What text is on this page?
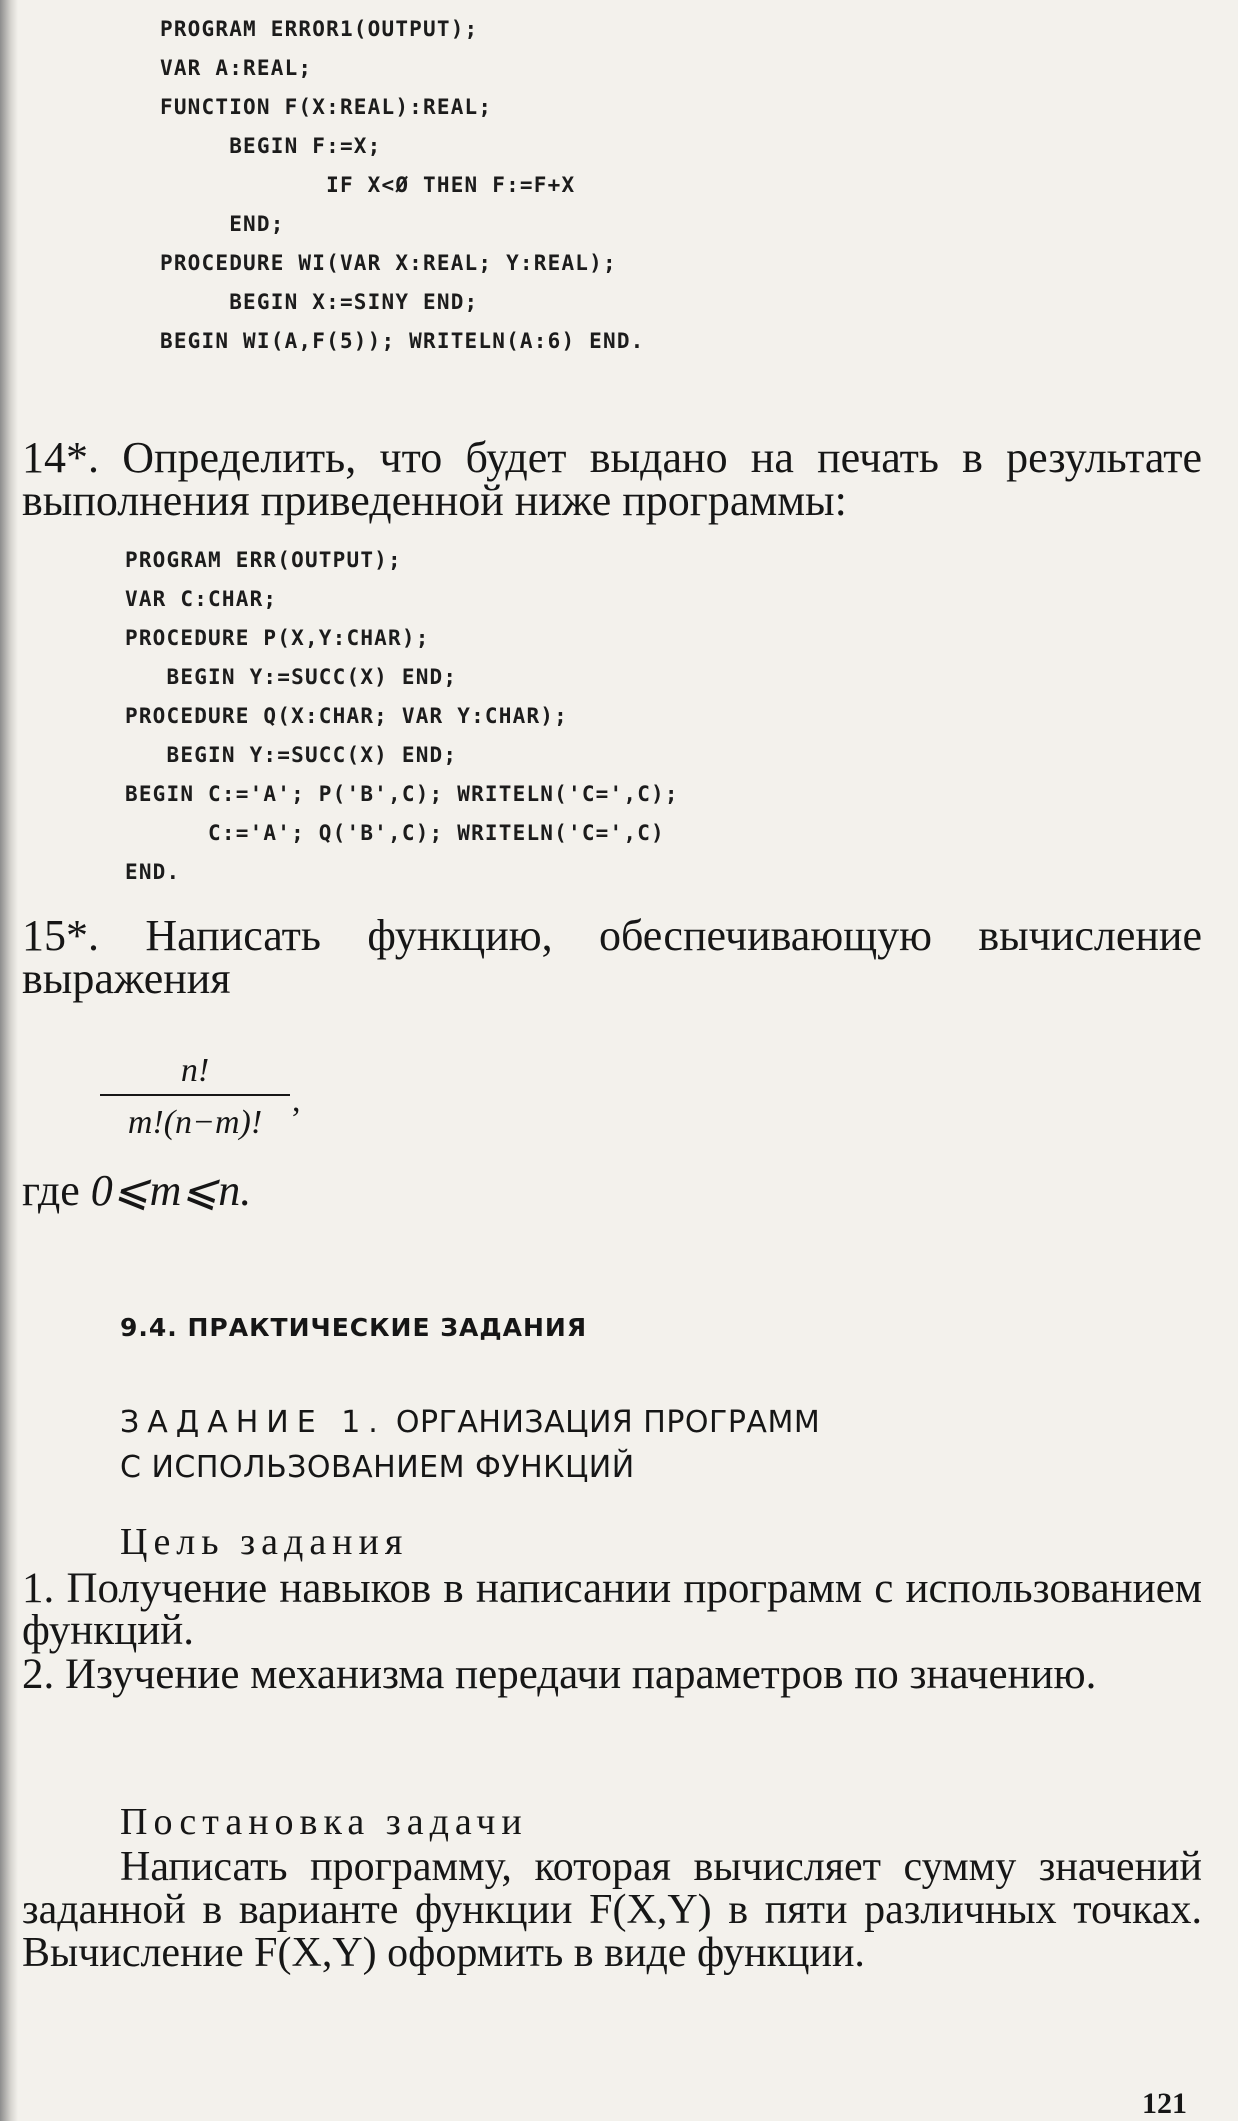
PROGRAM ERROR1(OUTPUT);
VAR A:REAL;
FUNCTION F(X:REAL):REAL;
BEGIN F:=X;
IF X<Ø THEN F:=F+X
END;
PROCEDURE WI(VAR X:REAL; Y:REAL);
BEGIN X:=SINY END;
BEGIN WI(A,F(5)); WRITELN(A:6) END.

14*. Определить, что будет выдано на печать в результате выполнения приведенной ниже программы:

PROGRAM ERR(OUTPUT);
VAR C:CHAR;
PROCEDURE P(X,Y:CHAR);
BEGIN Y:=SUCC(X) END;
PROCEDURE Q(X:CHAR; VAR Y:CHAR);
BEGIN Y:=SUCC(X) END;
BEGIN C:='A'; P('B',C); WRITELN('C=',C);
C:='A'; Q('B',C); WRITELN('C=',C)
END.

15*. Написать функцию, обеспечивающую вычисление выражения

n!
m!(n−m)!
,
где 0⩽m⩽n.
9.4. ПРАКТИЧЕСКИЕ ЗАДАНИЯ
ЗАДАНИЕ 1. ОРГАНИЗАЦИЯ ПРОГРАММ
С ИСПОЛЬЗОВАНИЕМ ФУНКЦИЙ
Цель задания

1. Получение навыков в написании программ с использованием функций.

2. Изучение механизма передачи параметров по значению.

Постановка задачи

Написать программу, которая вычисляет сумму значений заданной в варианте функции F(X,Y) в пяти различных точках. Вычисление F(X,Y) оформить в виде функции.

121
